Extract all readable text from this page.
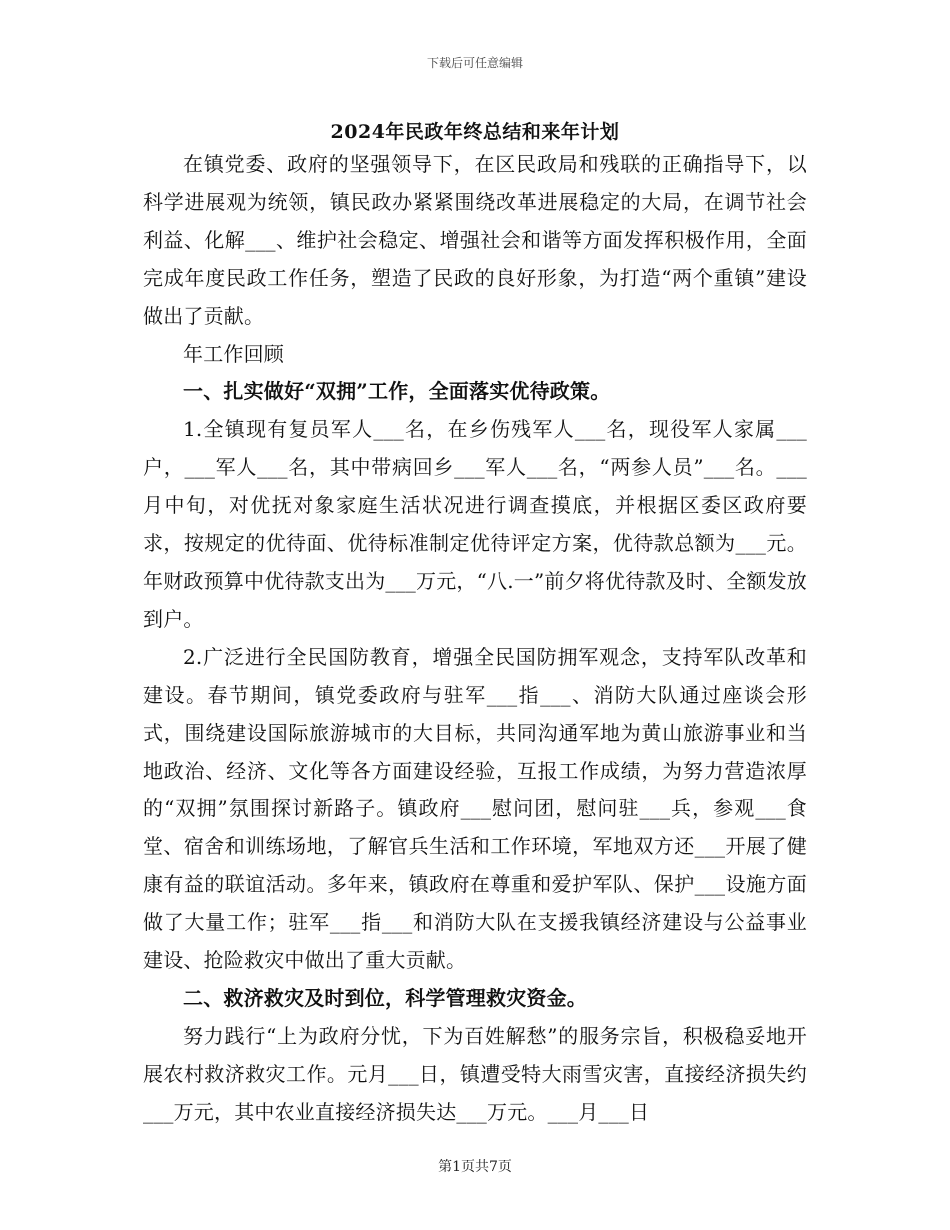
下载后可任意编辑
2024年民政年终总结和来年计划

在镇党委、政府的坚强领导下，在区民政局和残联的正确指导下，以科学进展观为统领，镇民政办紧紧围绕改革进展稳定的大局，在调节社会利益、化解___、维护社会稳定、增强社会和谐等方面发挥积极作用，全面完成年度民政工作任务，塑造了民政的良好形象，为打造“两个重镇”建设做出了贡献。

年工作回顾

一、扎实做好“双拥”工作，全面落实优待政策。

1.全镇现有复员军人___名，在乡伤残军人___名，现役军人家属___户，___军人___名，其中带病回乡___军人___名，“两参人员”___名。___月中旬，对优抚对象家庭生活状况进行调查摸底，并根据区委区政府要求，按规定的优待面、优待标准制定优待评定方案，优待款总额为___元。年财政预算中优待款支出为___万元，“八.一”前夕将优待款及时、全额发放到户。

2.广泛进行全民国防教育，增强全民国防拥军观念，支持军队改革和建设。春节期间，镇党委政府与驻军___指___、消防大队通过座谈会形式，围绕建设国际旅游城市的大目标，共同沟通军地为黄山旅游事业和当地政治、经济、文化等各方面建设经验，互报工作成绩，为努力营造浓厚的“双拥”氛围探讨新路子。镇政府___慰问团，慰问驻___兵，参观___食堂、宿舍和训练场地，了解官兵生活和工作环境，军地双方还___开展了健康有益的联谊活动。多年来，镇政府在尊重和爱护军队、保护___设施方面做了大量工作；驻军___指___和消防大队在支援我镇经济建设与公益事业建设、抢险救灾中做出了重大贡献。

二、救济救灾及时到位，科学管理救灾资金。

努力践行“上为政府分忧，下为百姓解愁”的服务宗旨，积极稳妥地开展农村救济救灾工作。元月___日，镇遭受特大雨雪灾害，直接经济损失约___万元，其中农业直接经济损失达___万元。___月___日

第1页共7页
